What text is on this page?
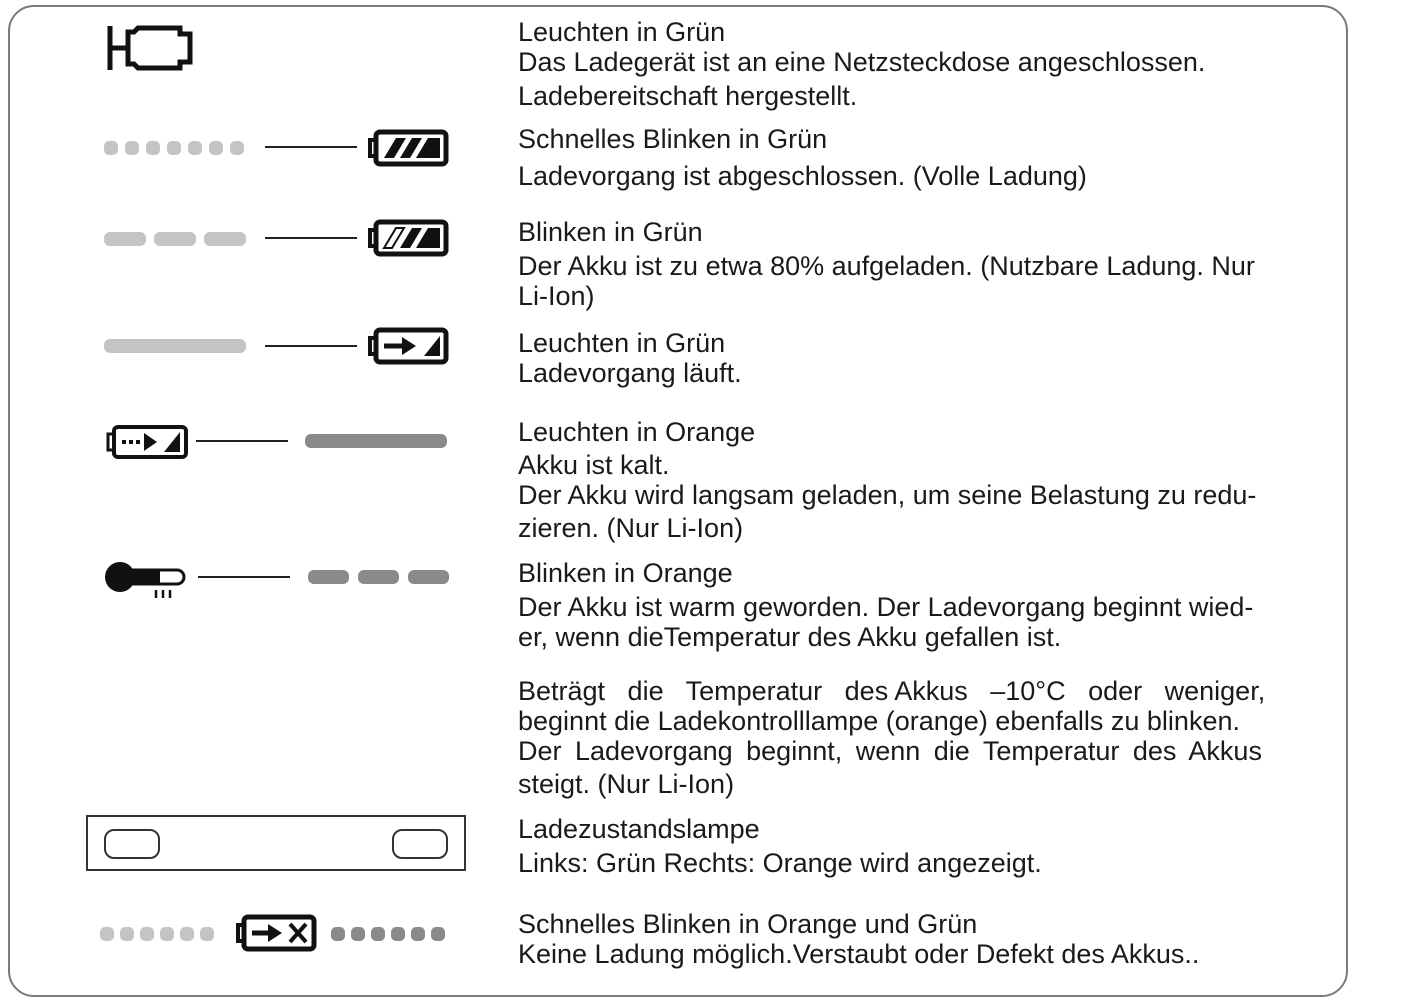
Leuchten in Grün
Das Ladegerät ist an eine Netzsteckdose angeschlossen.
Ladebereitschaft hergestellt.
Schnelles Blinken in Grün
Ladevorgang ist abgeschlossen. (Volle Ladung)
Blinken in Grün
Der Akku ist zu etwa 80% aufgeladen. (Nutzbare Ladung. Nur
Li-Ion)
Leuchten in Grün
Ladevorgang läuft.
Leuchten in Orange
Akku ist kalt.
Der Akku wird langsam geladen, um seine Belastung zu redu-
zieren. (Nur Li-Ion)
Blinken in Orange
Der Akku ist warm geworden. Der Ladevorgang beginnt wied-
er, wenn dieTemperatur des Akku gefallen ist.
Beträgt   die   Temperatur   des Akkus   –10°C   oder   weniger,
beginnt die Ladekontrolllampe (orange) ebenfalls zu blinken.
Der Ladevorgang beginnt, wenn die Temperatur des Akkus
steigt. (Nur Li-Ion)
Ladezustandslampe
Links: Grün Rechts: Orange wird angezeigt.
Schnelles Blinken in Orange und Grün
Keine Ladung möglich.Verstaubt oder Defekt des Akkus..
